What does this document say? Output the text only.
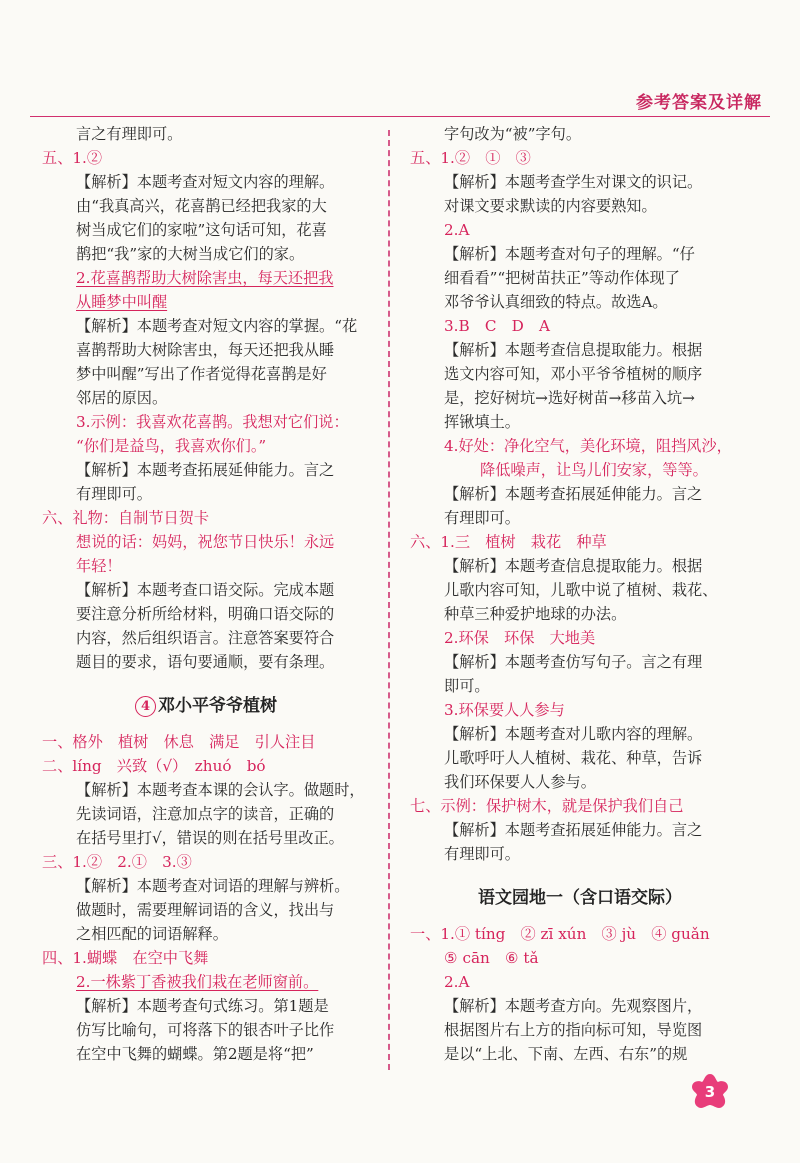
参考答案及详解
言之有理即可。
五、1.②
【解析】本题考查对短文内容的理解。
由“我真高兴，花喜鹊已经把我家的大
树当成它们的家啦”这句话可知，花喜
鹊把“我”家的大树当成它们的家。
2.花喜鹊帮助大树除害虫，每天还把我
从睡梦中叫醒
【解析】本题考查对短文内容的掌握。“花
喜鹊帮助大树除害虫，每天还把我从睡
梦中叫醒”写出了作者觉得花喜鹊是好
邻居的原因。
3.示例：我喜欢花喜鹊。我想对它们说：
“你们是益鸟，我喜欢你们。”
【解析】本题考查拓展延伸能力。言之
有理即可。
六、礼物：自制节日贺卡
想说的话：妈妈，祝您节日快乐！永远
年轻！
【解析】本题考查口语交际。完成本题
要注意分析所给材料，明确口语交际的
内容，然后组织语言。注意答案要符合
题目的要求，语句要通顺，要有条理。
4 邓小平爷爷植树
一、格外　植树　休息　满足　引人注目
二、líng　兴致（√）　zhuó　bó
【解析】本题考查本课的会认字。做题时，
先读词语，注意加点字的读音，正确的
在括号里打√，错误的则在括号里改正。
三、1.②　2.①　3.③
【解析】本题考查对词语的理解与辨析。
做题时，需要理解词语的含义，找出与
之相匹配的词语解释。
四、1.蝴蝶　在空中飞舞
2.一株紫丁香被我们栽在老师窗前。
【解析】本题考查句式练习。第1题是
仿写比喻句，可将落下的银杏叶子比作
在空中飞舞的蝴蝶。第2题是将“把”
字句改为“被”字句。
五、1.②　①　③
【解析】本题考查学生对课文的识记。
对课文要求默读的内容要熟知。
2.A
【解析】本题考查对句子的理解。“仔
细看看”“把树苗扶正”等动作体现了
邓爷爷认真细致的特点。故选A。
3.B　C　D　A
【解析】本题考查信息提取能力。根据
选文内容可知，邓小平爷爷植树的顺序
是，挖好树坑→选好树苗→移苗入坑→
挥锹填土。
4.好处：净化空气，美化环境，阻挡风沙，
降低噪声，让鸟儿们安家，等等。
【解析】本题考查拓展延伸能力。言之
有理即可。
六、1.三　植树　栽花　种草
【解析】本题考查信息提取能力。根据
儿歌内容可知，儿歌中说了植树、栽花、
种草三种爱护地球的办法。
2.环保　环保　大地美
【解析】本题考查仿写句子。言之有理
即可。
3.环保要人人参与
【解析】本题考查对儿歌内容的理解。
儿歌呼吁人人植树、栽花、种草，告诉
我们环保要人人参与。
七、示例：保护树木，就是保护我们自己
【解析】本题考查拓展延伸能力。言之
有理即可。
语文园地一（含口语交际）
一、1.① tíng　② zī xún　③ jù　④ guǎn
⑤ cān　⑥ tǎ
2.A
【解析】本题考查方向。先观察图片，
根据图片右上方的指向标可知，导览图
是以“上北、下南、左西、右东”的规
3
